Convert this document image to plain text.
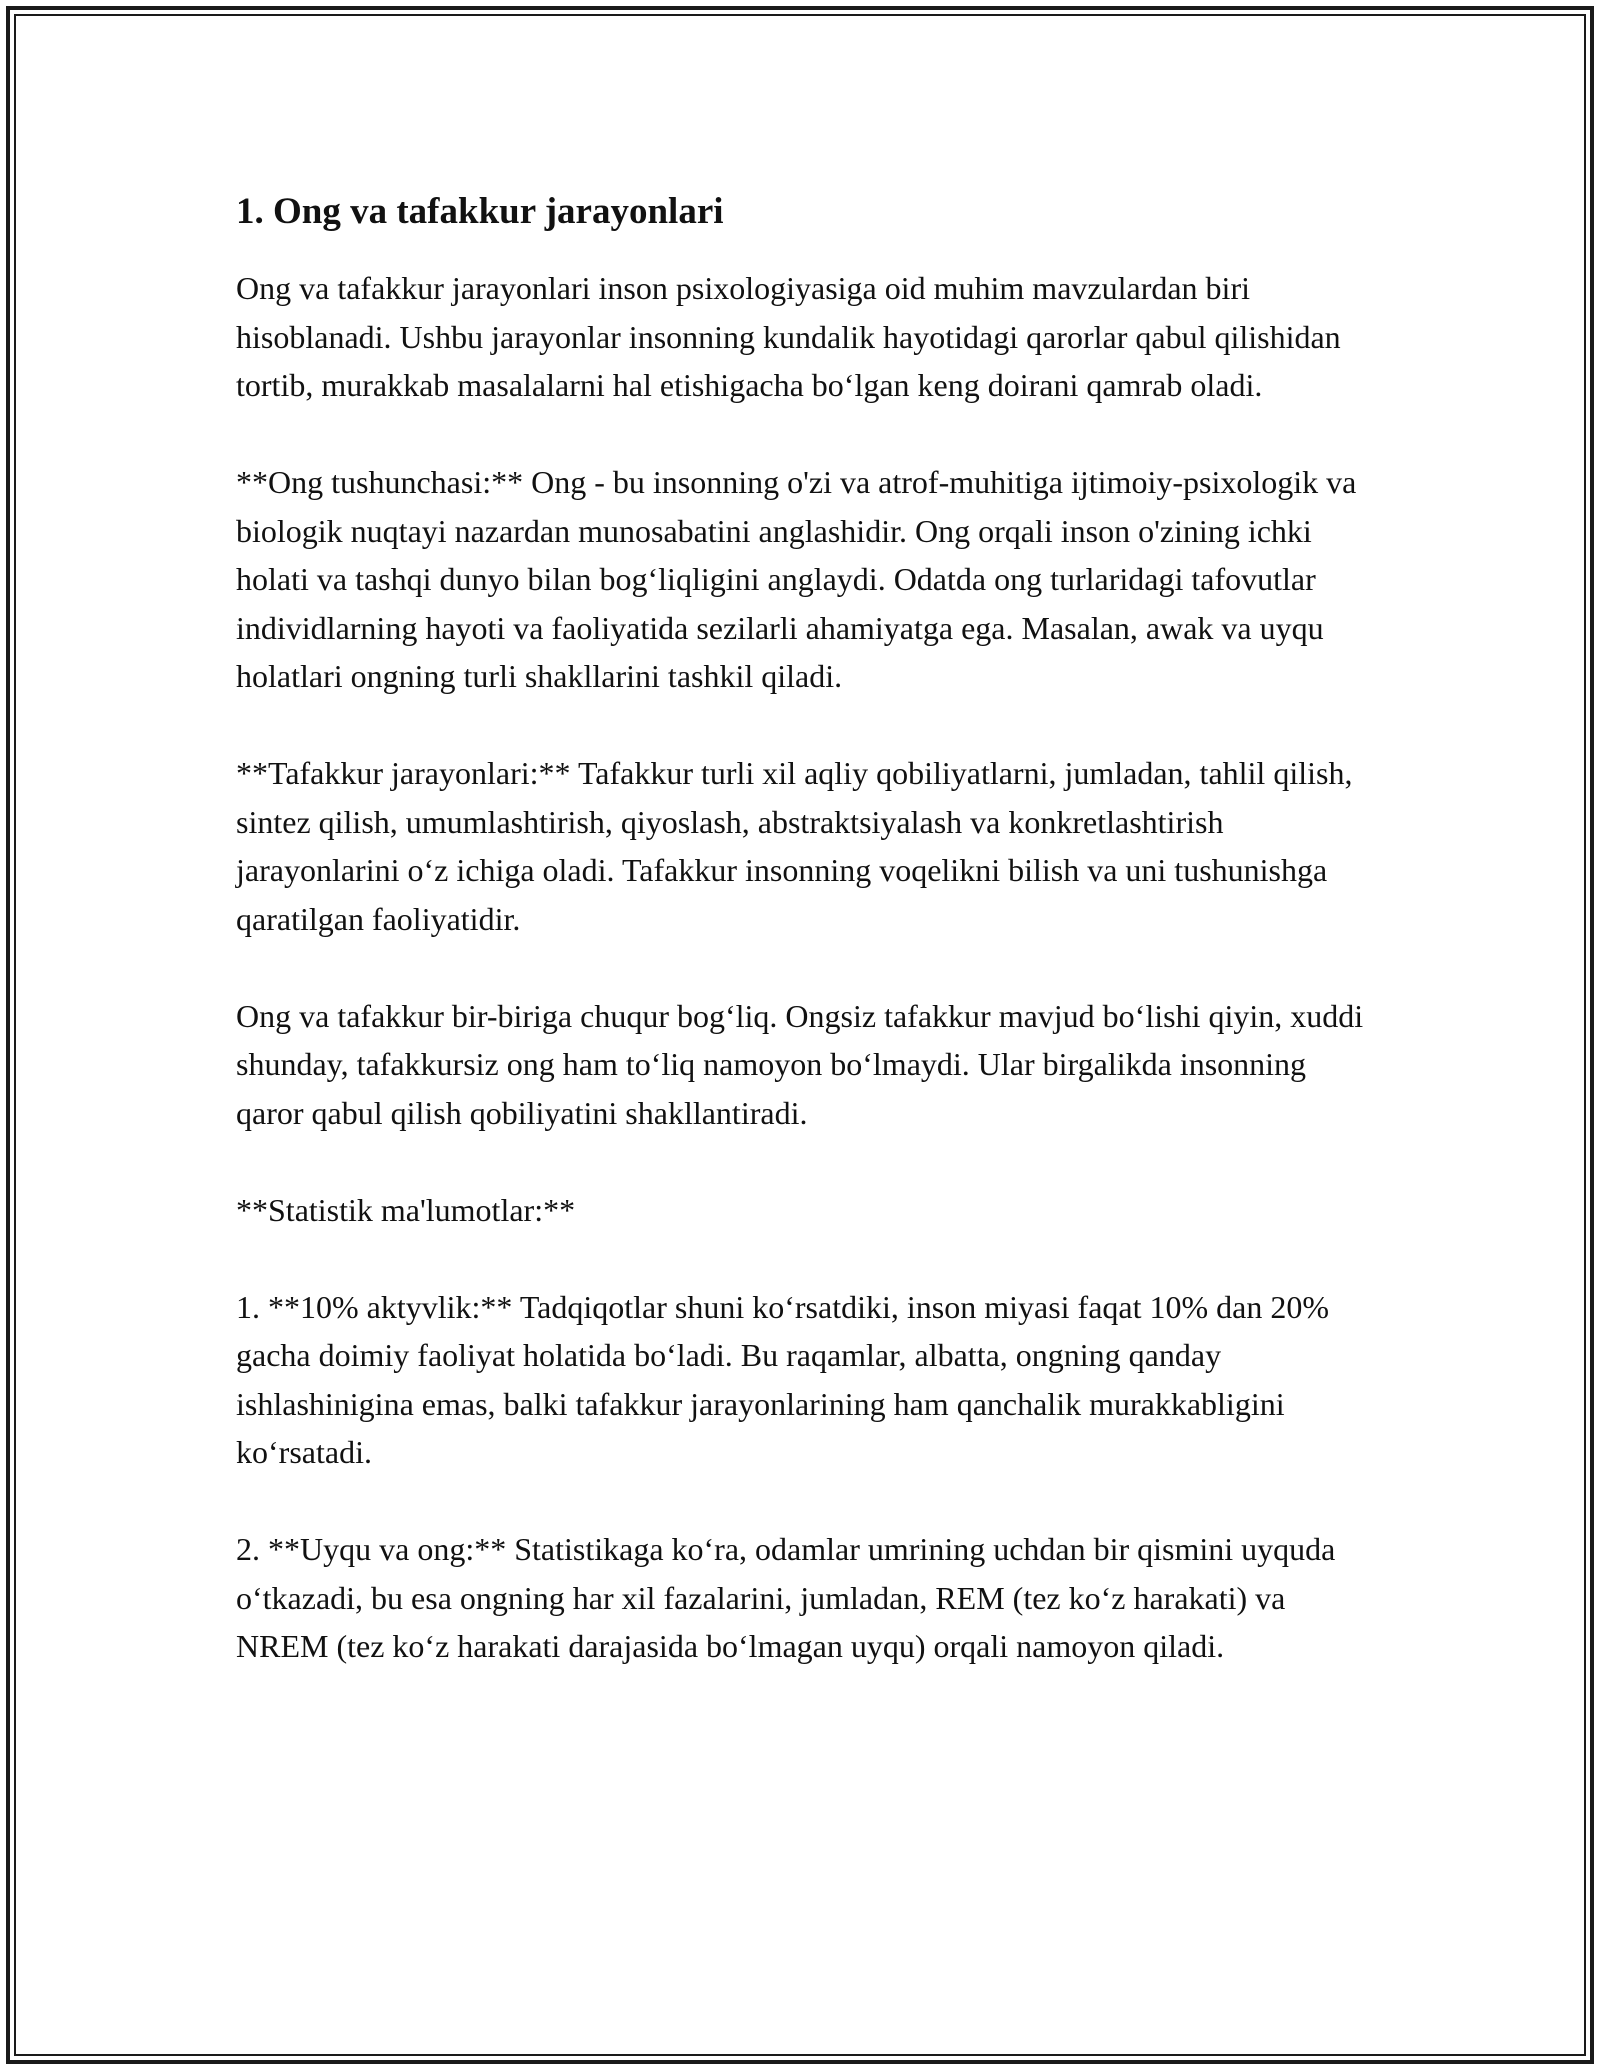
1. Ong va tafakkur jarayonlari

Ong va tafakkur jarayonlari inson psixologiyasiga oid muhim mavzulardan biri hisoblanadi. Ushbu jarayonlar insonning kundalik hayotidagi qarorlar qabul qilishidan tortib, murakkab masalalarni hal etishigacha boʻlgan keng doirani qamrab oladi.

**Ong tushunchasi:** Ong - bu insonning o'zi va atrof-muhitiga ijtimoiy-psixologik va biologik nuqtayi nazardan munosabatini anglashidir. Ong orqali inson o'zining ichki holati va tashqi dunyo bilan bogʻliqligini anglaydi. Odatda ong turlaridagi tafovutlar individlarning hayoti va faoliyatida sezilarli ahamiyatga ega. Masalan, awak va uyqu holatlari ongning turli shakllarini tashkil qiladi.

**Tafakkur jarayonlari:** Tafakkur turli xil aqliy qobiliyatlarni, jumladan, tahlil qilish, sintez qilish, umumlashtirish, qiyoslash, abstraktsiyalash va konkretlashtirish jarayonlarini oʻz ichiga oladi. Tafakkur insonning voqelikni bilish va uni tushunishga qaratilgan faoliyatidir.

Ong va tafakkur bir-biriga chuqur bogʻliq. Ongsiz tafakkur mavjud boʻlishi qiyin, xuddi shunday, tafakkursiz ong ham toʻliq namoyon boʻlmaydi. Ular birgalikda insonning qaror qabul qilish qobiliyatini shakllantiradi.

**Statistik ma'lumotlar:**

1. **10% aktyvlik:** Tadqiqotlar shuni koʻrsatdiki, inson miyasi faqat 10% dan 20% gacha doimiy faoliyat holatida boʻladi. Bu raqamlar, albatta, ongning qanday ishlashinigina emas, balki tafakkur jarayonlarining ham qanchalik murakkabligini koʻrsatadi.

2. **Uyqu va ong:** Statistikaga koʻra, odamlar umrining uchdan bir qismini uyquda oʻtkazadi, bu esa ongning har xil fazalarini, jumladan, REM (tez koʻz harakati) va NREM (tez koʻz harakati darajasida boʻlmagan uyqu) orqali namoyon qiladi.
